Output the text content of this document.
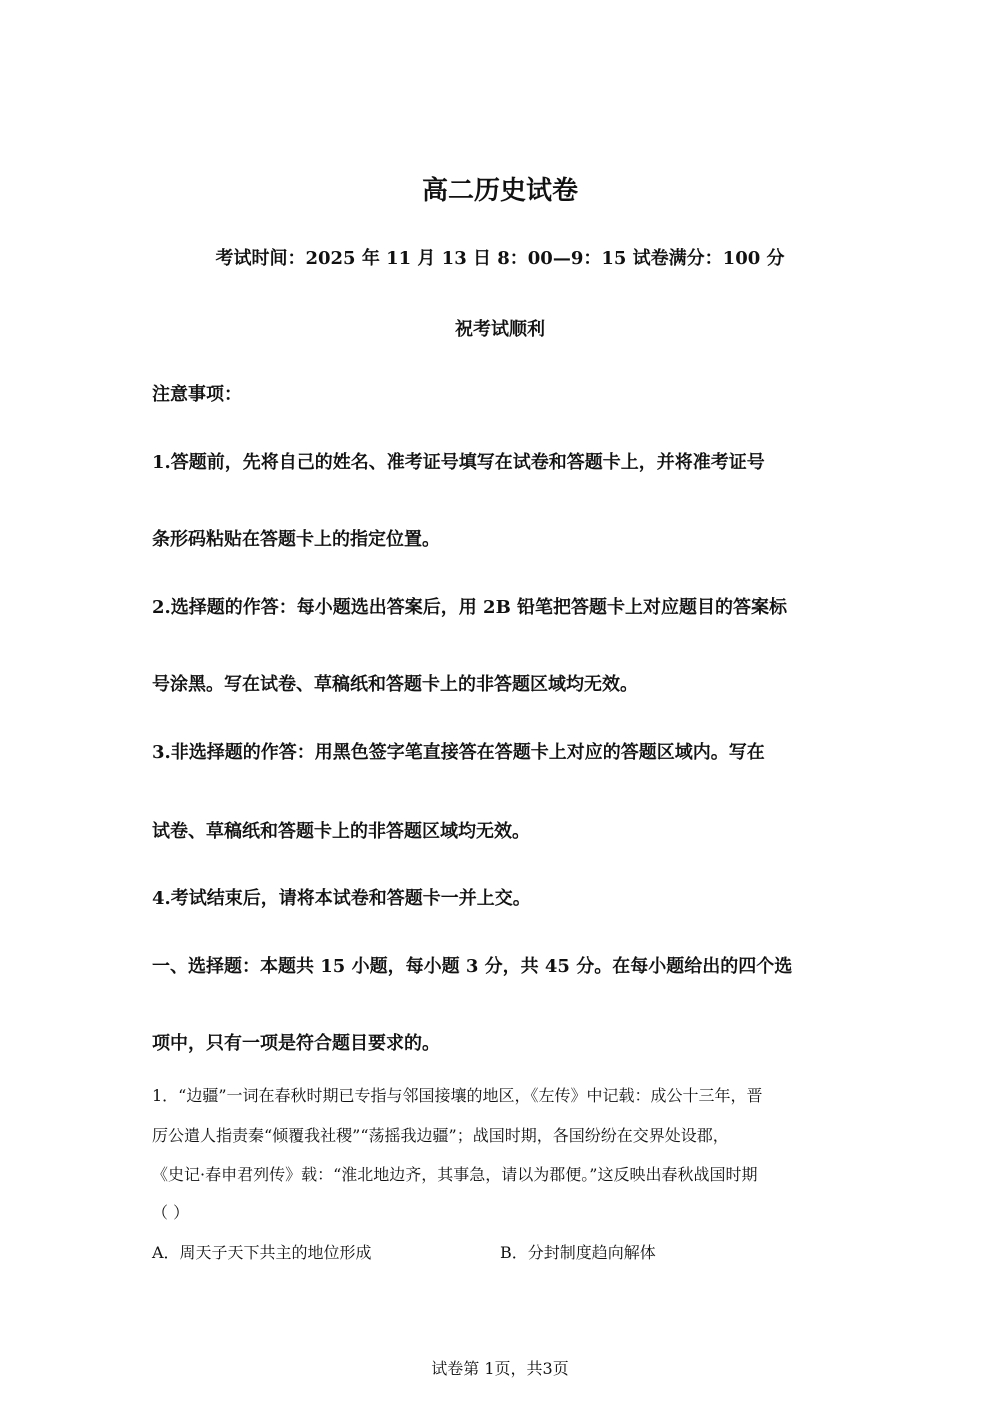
高二历史试卷
考试时间：2025 年 11 月 13 日 8：00—9：15 试卷满分：100 分
祝考试顺利
注意事项：
1.答题前，先将自己的姓名、准考证号填写在试卷和答题卡上，并将准考证号
条形码粘贴在答题卡上的指定位置。
2.选择题的作答：每小题选出答案后，用 2B 铅笔把答题卡上对应题目的答案标
号涂黑。写在试卷、草稿纸和答题卡上的非答题区域均无效。
3.非选择题的作答：用黑色签字笔直接答在答题卡上对应的答题区域内。写在
试卷、草稿纸和答题卡上的非答题区域均无效。
4.考试结束后，请将本试卷和答题卡一并上交。
一、选择题：本题共 15 小题，每小题 3 分，共 45 分。在每小题给出的四个选
项中，只有一项是符合题目要求的。
1．“边疆”一词在春秋时期已专指与邻国接壤的地区，《左传》中记载：成公十三年，晋
厉公遣人指责秦“倾覆我社稷”“荡摇我边疆”；战国时期，各国纷纷在交界处设郡，
《史记·春申君列传》载：“淮北地边齐，其事急，请以为郡便。”这反映出春秋战国时期
（ ）
A．周天子天下共主的地位形成	B．分封制度趋向解体
试卷第 1页，共3页
